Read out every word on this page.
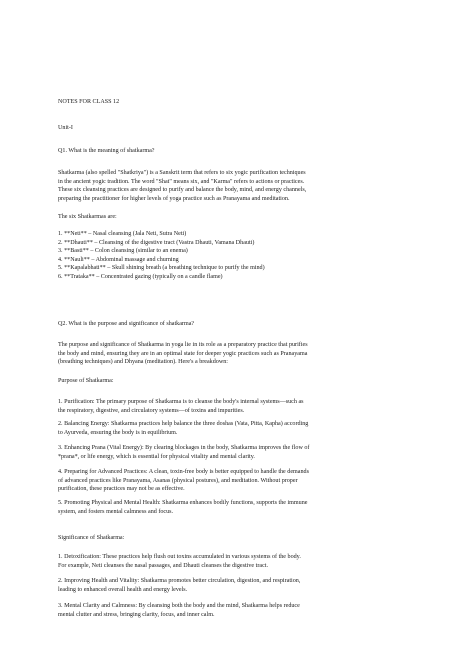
NOTES FOR CLASS 12
Unit-I
Q1. What is the meaning of shatkarma?
Shatkarma (also spelled "Shatkriya") is a Sanskrit term that refers to six yogic purification techniques
in the ancient yogic tradition. The word "Shat" means six, and "Karma" refers to actions or practices.
These six cleansing practices are designed to purify and balance the body, mind, and energy channels,
preparing the practitioner for higher levels of yoga practice such as Pranayama and meditation.
The six Shatkarmas are:
1. **Neti** – Nasal cleansing (Jala Neti, Sutra Neti)
2. **Dhauti** – Cleansing of the digestive tract (Vastra Dhauti, Vamana Dhauti)
3. **Basti** – Colon cleansing (similar to an enema)
4. **Nauli** – Abdominal massage and churning
5. **Kapalabhati** – Skull shining breath (a breathing technique to purify the mind)
6. **Trataka** – Concentrated gazing (typically on a candle flame)
Q2. What is the purpose and significance of shatkarma?
The purpose and significance of Shatkarma in yoga lie in its role as a preparatory practice that purifies
the body and mind, ensuring they are in an optimal state for deeper yogic practices such as Pranayama
(breathing techniques) and Dhyana (meditation). Here's a breakdown:
Purpose of Shatkarma:
1. Purification: The primary purpose of Shatkarma is to cleanse the body's internal systems—such as
the respiratory, digestive, and circulatory systems—of toxins and impurities.
2. Balancing Energy: Shatkarma practices help balance the three doshas (Vata, Pitta, Kapha) according
to Ayurveda, ensuring the body is in equilibrium.
3. Enhancing Prana (Vital Energy): By clearing blockages in the body, Shatkarma improves the flow of
*prana*, or life energy, which is essential for physical vitality and mental clarity.
4. Preparing for Advanced Practices: A clean, toxin-free body is better equipped to handle the demands
of advanced practices like Pranayama, Asanas (physical postures), and meditation. Without proper
purification, these practices may not be as effective.
5. Promoting Physical and Mental Health: Shatkarma enhances bodily functions, supports the immune
system, and fosters mental calmness and focus.
Significance of Shatkarma:
1. Detoxification: These practices help flush out toxins accumulated in various systems of the body.
For example, Neti cleanses the nasal passages, and Dhauti cleanses the digestive tract.
2. Improving Health and Vitality: Shatkarma promotes better circulation, digestion, and respiration,
leading to enhanced overall health and energy levels.
3. Mental Clarity and Calmness: By cleansing both the body and the mind, Shatkarma helps reduce
mental clutter and stress, bringing clarity, focus, and inner calm.
